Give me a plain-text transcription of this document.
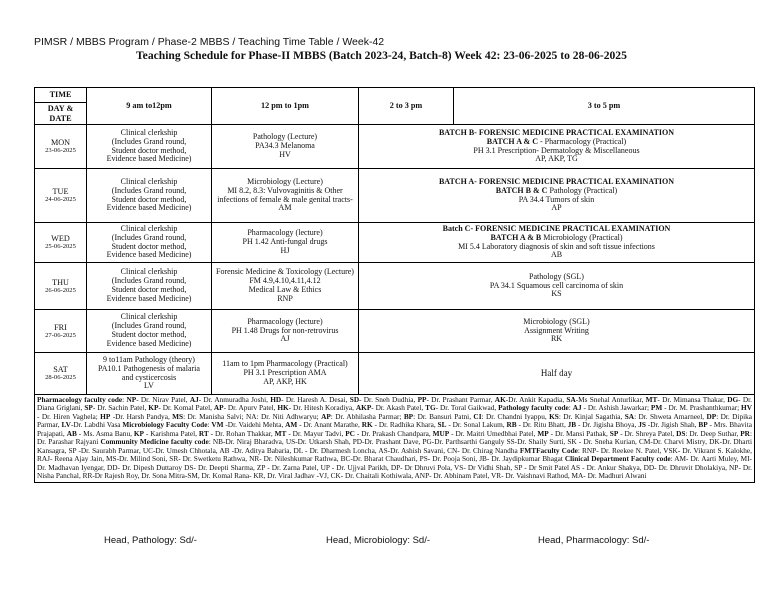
PIMSR / MBBS Program / Phase-2 MBBS / Teaching Time Table / Week-42
Teaching Schedule for Phase-II MBBS (Batch 2023-24, Batch-8) Week 42: 23-06-2025 to 28-06-2025
TIME	9 am to12pm	12 pm to 1pm	2 to 3 pm	3 to 5 pm
DAY & DATE				

MON
23-06-2025	Clinical clerkship
(Includes Grand round,
Student doctor method,
Evidence based Medicine)	Pathology (Lecture)
PA34.3 Melanoma
HV	BATCH B- FORENSIC MEDICINE PRACTICAL EXAMINATION
BATCH A & C - Pharmacology (Practical)
PH 3.1 Prescription- Dermatology & Miscellaneous
AP, AKP, TG	

TUE
24-06-2025	Clinical clerkship
(Includes Grand round,
Student doctor method,
Evidence based Medicine)	Microbiology (Lecture)
MI 8.2, 8.3: Vulvovaginitis & Other
infections of female & male genital tracts-
AM	BATCH A- FORENSIC MEDICINE PRACTICAL EXAMINATION
BATCH B & C Pathology (Practical)
PA 34.4 Tumors of skin
AP	

WED
25-06-2025	Clinical clerkship
(Includes Grand round,
Student doctor method,
Evidence based Medicine)	Pharmacology (lecture)
PH 1.42 Anti-fungal drugs
HJ	Batch C- FORENSIC MEDICINE PRACTICAL EXAMINATION
BATCH A & B Microbiology (Practical)
MI 5.4 Laboratory diagnosis of skin and soft tissue infections
AB	

THU
26-06-2025	Clinical clerkship
(Includes Grand round,
Student doctor method,
Evidence based Medicine)	Forensic Medicine & Toxicology (Lecture)
FM 4.9,4.10,4.11,4.12
Medical Law & Ethics
RNP	Pathology (SGL)
PA 34.1 Squamous cell carcinoma of skin
KS	

FRI
27-06-2025	Clinical clerkship
(Includes Grand round,
Student doctor method,
Evidence based Medicine)	Pharmacology (lecture)
PH 1.48 Drugs for non-retrovirus
AJ	Microbiology (SGL)
Assignment Writing
RK	

SAT
28-06-2025	9 to11am Pathology (theory)
PA10.1 Pathogenesis of malaria
and cysticercosis
LV	11am to 1pm Pharmacology (Practical)
PH 3.1 Prescription AMA
AP, AKP, HK	Half day	
Pharmacology faculty code: NP- Dr. Nirav Patel, AJ- Dr. Anmuradha Joshi, HD- Dr. Haresh A. Desai, SD- Dr. Sneh Dudhia, PP- Dr. Prashant Parmar, AK-Dr. Ankit Kapadia, SA-Ms Snehal Anturlikar, MT- Dr. Mimansa Thakar, DG- Dr. Diana Griglani, SP- Dr. Sachin Patel, KP- Dr. Komal Patel, AP- Dr. Apurv Patel, HK- Dr. Hitesh Koradiya, AKP- Dr. Akash Patel, TG- Dr. Toral Gaikwad, Pathology faculty code: AJ - Dr. Ashish Jawarkar; PM - Dr. M. Prashanthkumar; HV - Dr. Hiren Vaghela; HP -Dr. Harsh Pandya, MS: Dr. Manisha Salvi; NA: Dr. Niti Adhwaryu; AP: Dr. Abhilasha Parmar; BP: Dr. Bansuri Patni, CI: Dr. Chandni Iyappu, KS: Dr. Kinjal Sagathia, SA: Dr. Shweta Amarneel, DP: Dr. Dipika Parmar, LV-Dr. Labdhi Vasa Microbiology Faculty Code: VM -Dr. Vaidehi Mehta, AM - Dr. Anant Marathe, RK - Dr. Radhika Khara, SL - Dr. Sonal Lakum, RB - Dr. Ritu Bhatt, JB - Dr. Jigisha Bhoya, JS -Dr. Jigish Shah, BP - Mrs. Bhavita Prajapati, AB - Ms. Asma Banu, KP - Karishma Patel, RT - Dr. Rohan Thakkar, MT - Dr. Mayur Tadvi, PC - Dr. Prakash Chandpara, MUP - Dr. Maitri Umedbhai Patel, MP - Dr. Mansi Pathak, SP - Dr. Shreya Patel, DS: Dr. Deep Suthar, PR: Dr. Parashar Rajyani Community Medicine faculty code: NB-Dr. Niraj Bharadva, US-Dr. Utkarsh Shah, PD-Dr. Prashant Dave, PG-Dr. Parthsarthi Ganguly SS-Dr. Shaily Surti, SK - Dr. Sneha Kurian, CM-Dr. Charvi Mistry, DK-Dr. Dharti Kansagra, SP -Dr. Saurabh Parmar, UC-Dr. Umesh Chhotala, AB -Dr. Aditya Babaria, DL - Dr. Dharmesh Loncha, AS-Dr. Ashish Savani, CN- Dr. Chirag Nandha FMTFaculty Code: RNP- Dr. Reekee N. Patel, VSK- Dr. Vikrant S. Kalokhe, RAJ- Reena Ajay Jain, MS-Dr. Milind Soni, SR- Dr. Swetketu Rathwa, NR- Dr. Nileshkumar Rathwa, BC-Dr. Bharat Chaudhari, PS- Dr. Pooja Soni, JB- Dr. Jaydipkumar Bhagat Clinical Department Faculty code: AM- Dr. Aarti Muley, MI-Dr. Madhavan Iyengar, DD- Dr. Dipesh Duttaroy DS- Dr. Deepti Sharma, ZP - Dr. Zarna Patel, UP - Dr. Ujjval Parikh, DP- Dr Dhruvi Pola, VS- Dr Vidhi Shah, SP - Dr Smit Patel AS - Dr. Ankur Shakya, DD- Dr. Dhruvit Dholakiya, NP- Dr. Nisha Panchal, RR-Dr Rajesh Roy, Dr. Sona Mitra-SM, Dr. Komal Rana- KR, Dr. Viral Jadhav -VJ, CK- Dr. Chaitali Kothiwala, ANP- Dr. Abhinam Patel, VR- Dr. Vaishnavi Rathod, MA- Dr. Madhuri Alwani				
Head, Pathology: Sd/-	Head, Microbiology: Sd/-	Head, Pharmacology: Sd/-
